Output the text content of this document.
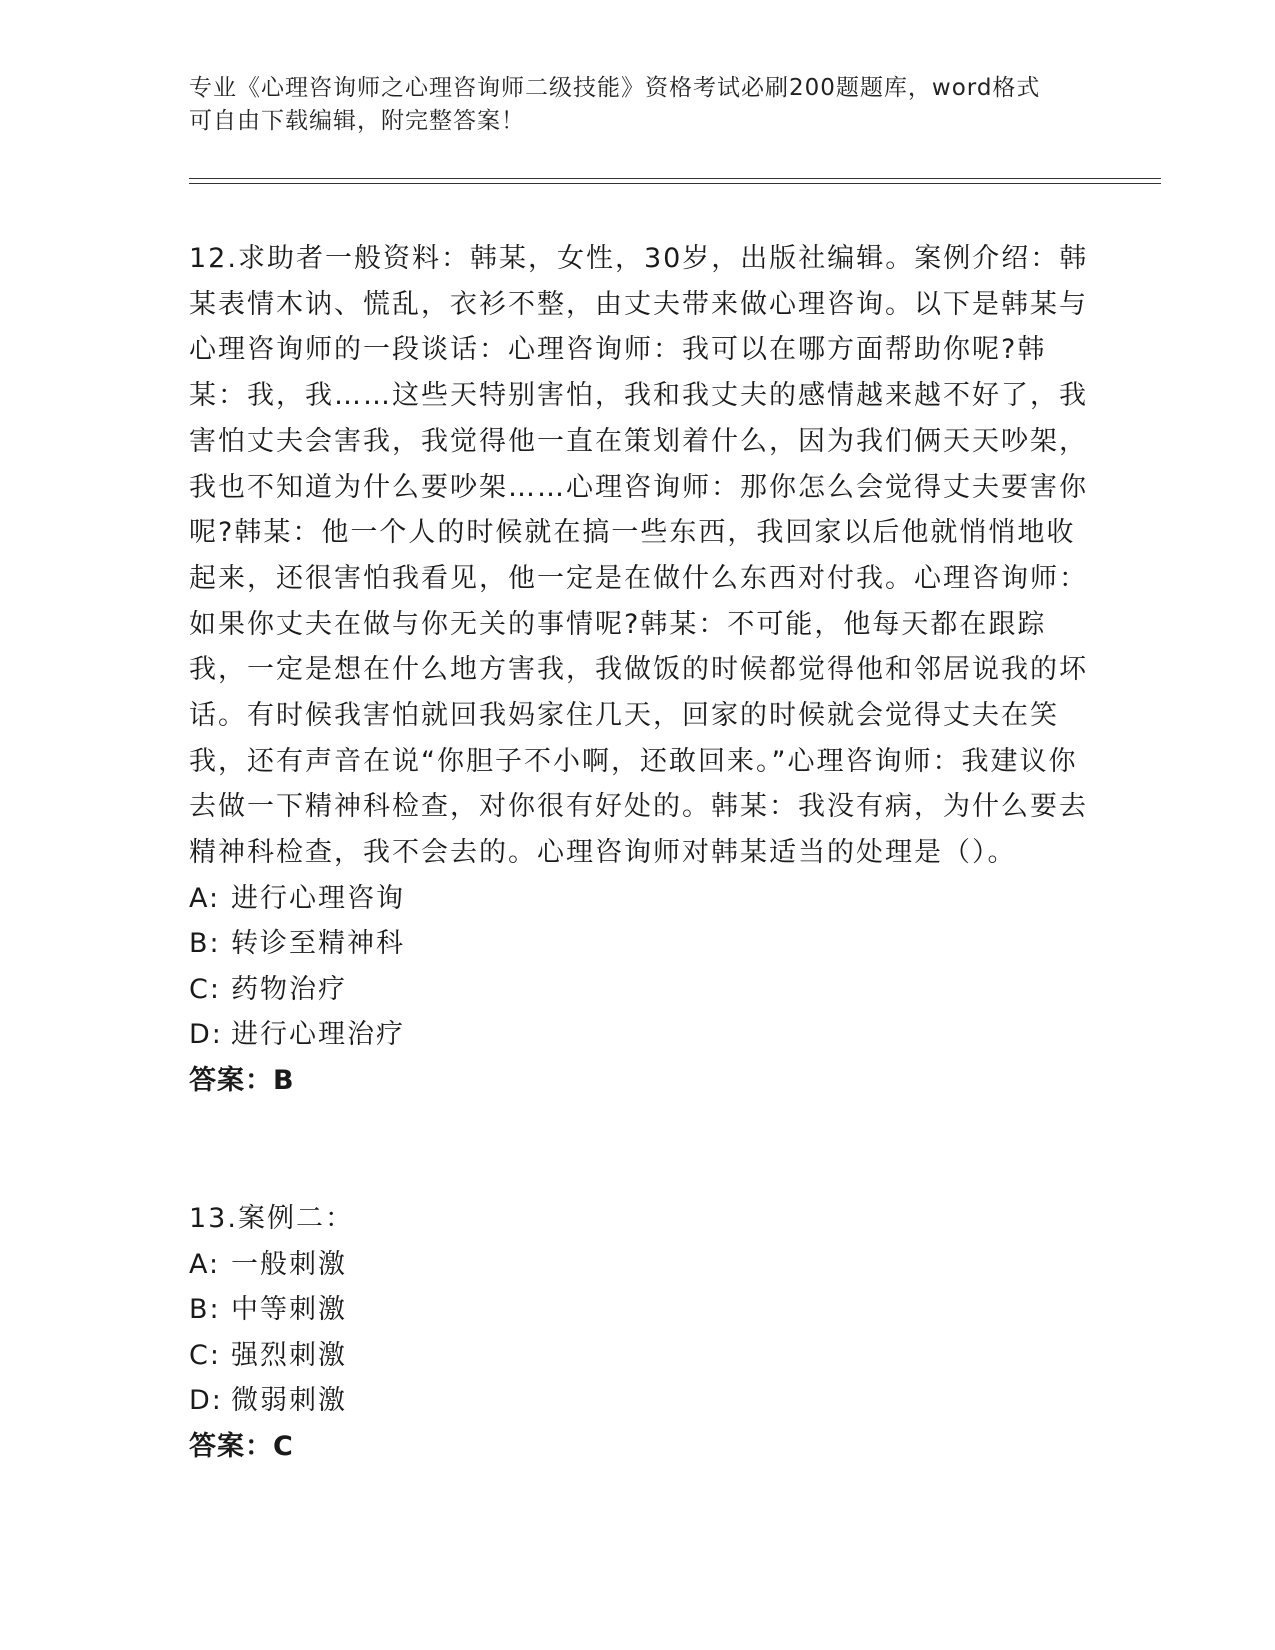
专业《心理咨询师之心理咨询师二级技能》资格考试必刷200题题库，word格式
可自由下载编辑，附完整答案！

12.求助者一般资料：韩某，女性，30岁，出版社编辑。案例介绍：韩某表情木讷、慌乱，衣衫不整，由丈夫带来做心理咨询。以下是韩某与心理咨询师的一段谈话：心理咨询师：我可以在哪方面帮助你呢?韩某：我，我……这些天特别害怕，我和我丈夫的感情越来越不好了，我害怕丈夫会害我，我觉得他一直在策划着什么，因为我们俩天天吵架，我也不知道为什么要吵架……心理咨询师：那你怎么会觉得丈夫要害你呢?韩某：他一个人的时候就在搞一些东西，我回家以后他就悄悄地收起来，还很害怕我看见，他一定是在做什么东西对付我。心理咨询师：如果你丈夫在做与你无关的事情呢?韩某：不可能，他每天都在跟踪我，一定是想在什么地方害我，我做饭的时候都觉得他和邻居说我的坏话。有时候我害怕就回我妈家住几天，回家的时候就会觉得丈夫在笑我，还有声音在说“你胆子不小啊，还敢回来。”心理咨询师：我建议你去做一下精神科检查，对你很有好处的。韩某：我没有病，为什么要去精神科检查，我不会去的。心理咨询师对韩某适当的处理是（）。

A: 进行心理咨询

B: 转诊至精神科

C: 药物治疗

D: 进行心理治疗

答案：B

13.案例二：

A: 一般刺激

B: 中等刺激

C: 强烈刺激

D: 微弱刺激

答案：C
